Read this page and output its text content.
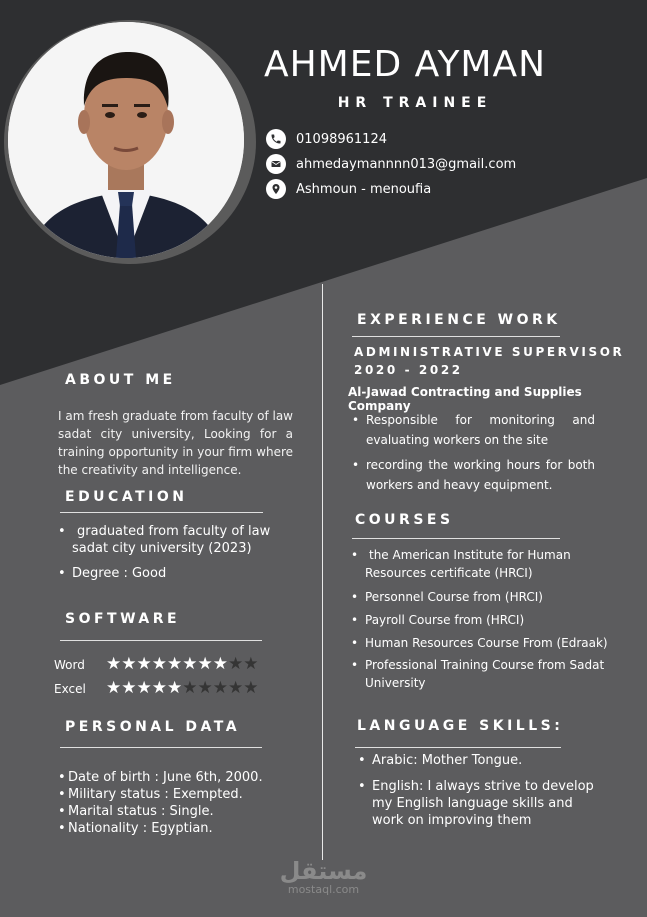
AHMED AYMAN
HR TRAINEE
01098961124
ahmedaymannnn013@gmail.com
Ashmoun - menoufia
ABOUT ME
I am fresh graduate from faculty of law sadat city university, Looking for a training opportunity in your firm where the creativity and intelligence.
EDUCATION
• graduated from faculty of law sadat city university (2023)
• Degree : Good
SOFTWARE
Word	★ ★ ★ ★ ★ ★ ★ ★ ★ ★
Excel	★ ★ ★ ★ ★ ★ ★ ★ ★ ★
PERSONAL DATA
• Date of birth : June 6th, 2000.
• Military status : Exempted.
• Marital status : Single.
• Nationality : Egyptian.
EXPERIENCE WORK
ADMINISTRATIVE SUPERVISOR
2020 - 2022
Al-Jawad Contracting and Supplies Company
• Responsible for monitoring and evaluating workers on the site
• recording the working hours for both workers and heavy equipment.
COURSES
• the American Institute for Human Resources certificate (HRCI)
• Personnel Course from (HRCI)
• Payroll Course from (HRCI)
• Human Resources Course From (Edraak)
• Professional Training Course from Sadat University
LANGUAGE SKILLS:
• Arabic: Mother Tongue.
• English: I always strive to develop my English language skills and work on improving them
مستقل
mostaql.com
